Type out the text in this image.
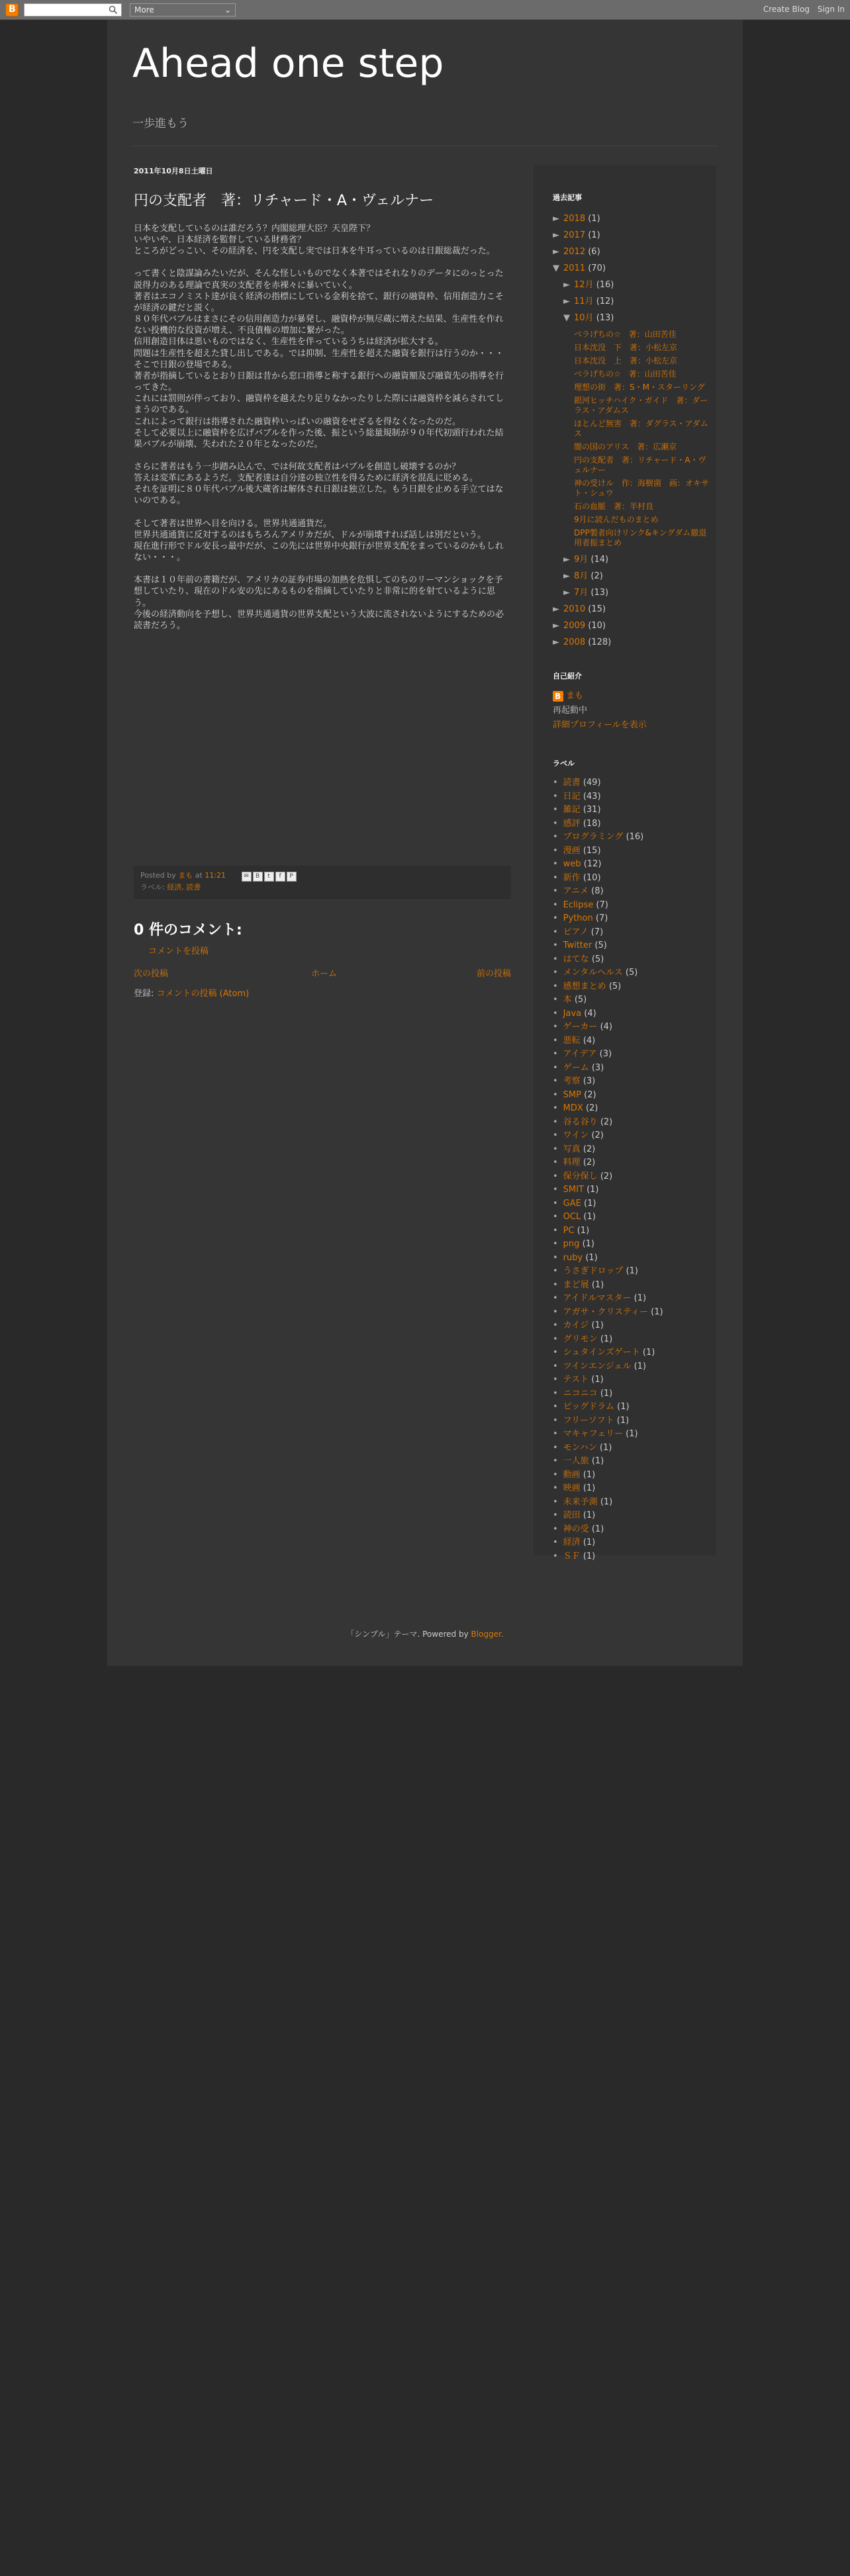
B
More	⌄	Create Blog Sign In
Ahead one step
一歩進もう
2011年10月8日土曜日
円の支配者　著：リチャード・A・ヴェルナー

日本を支配しているのは誰だろう？内閣総理大臣？天皇陛下？

いやいや、日本経済を監督している財務省？

ところがどっこい、その経済を、円を支配し実では日本を牛耳っているのは日銀総裁だった。

って書くと陰謀論みたいだが、そんな怪しいものでなく本著ではそれなりのデータにのっとった説得力のある理論で真実の支配者を赤裸々に暴いていく。

著者はエコノミスト達が良く経済の指標にしている金利を捨て、銀行の融資枠、信用創造力こそが経済の鍵だと説く。

８０年代バブルはまさにその信用創造力が暴発し、融資枠が無尽蔵に増えた結果、生産性を作れない投機的な投資が増え、不良債権の増加に繋がった。

信用創造目体は悪いものではなく、生産性を伴っているうちは経済が拡大する。

問題は生産性を超えた貸し出しである。では抑制、生産性を超えた融資を銀行は行うのか・・・そこで日銀の登場である。

著者が指摘しているとおり日銀は昔から窓口指導と称する銀行への融資額及び融資先の指導を行ってきた。

これには罰則が伴っており、融資枠を越えたり足りなかったりした際には融資枠を減らされてしまうのである。

これによって銀行は指導された融資枠いっぱいの融資をせざるを得なくなったのだ。

そして必要以上に融資枠を広げバブルを作った後、振という総量規制が９０年代初頭行われた結果バブルが崩壊、失われた２０年となったのだ。

さらに著者はもう一歩踏み込んで、では何故支配者はバブルを創造し破壊するのか？

答えは変革にあるようだ。支配者達は自分達の独立性を得るために経済を混乱に貶める。

それを証明に８０年代バブル後大蔵省は解体され日銀は独立した。もう日銀を止める手立てはないのである。

そして著者は世界へ目を向ける。世界共通通貨だ。

世界共通通貨に反対するのはもちろんアメリカだが、ドルが崩壊すれば話しは別だという。

現在進行形でドル安長っ最中だが、この先には世界中央銀行が世界支配をまっているのかもしれない・・・。

本書は１０年前の書籍だが、アメリカの証券市場の加熱を危惧してのちのリーマンショックを予想していたり、現在のドル安の先にあるものを指摘していたりと非常に的を射ているように思う。

今後の経済動向を予想し、世界共通通貨の世界支配という大波に流されないようにするための必読書だろう。

Posted by まも at 11:21	✉ B t f P
ラベル: 経済, 読書
0 件のコメント:
コメントを投稿
次の投稿	ホーム	前の投稿
登録: コメントの投稿 (Atom)
過去記事
► 2018 (1)
► 2017 (1)
► 2012 (6)
▼ 2011 (70)
► 12月 (16)
► 11月 (12)
▼ 10月 (13)
ベラげちの☆　著：山田苦佳
日本沈没　下　著：小松左京
日本沈没　上　著：小松左京
ベラげちの☆　著：山田苦佳
理想の街　著：S・M・スターリング
銀河ヒッチハイク・ガイド　著：ダーラス・アダムス
ほとんど無害　著：ダグラス・アダムス
闇の国のアリス　著：広瀬京
円の支配者　著：リチャード・A・ヴェルナー
神の受けル　作：海樹菌　画：オキサト・シュウ
石の血脈　著：半村良
9月に読んだものまとめ
DPP製者向けリンク&キングダム撤退用者振まとめ
► 9月 (14)
► 8月 (2)
► 7月 (13)
► 2010 (15)
► 2009 (10)
► 2008 (128)
自己紹介
Bまも
再起動中
詳細プロフィールを表示
ラベル
• 読書 (49)
• 日記 (43)
• 雑記 (31)
• 感評 (18)
• プログラミング (16)
• 漫画 (15)
• web (12)
• 新作 (10)
• アニメ (8)
• Eclipse (7)
• Python (7)
• ピアノ (7)
• Twitter (5)
• はてな (5)
• メンタルヘルス (5)
• 感想まとめ (5)
• 本 (5)
• Java (4)
• ゲーカー (4)
• 悪転 (4)
• アイデア (3)
• ゲーム (3)
• 考察 (3)
• SMP (2)
• MDX (2)
• 谷る谷り (2)
• ワイン (2)
• 写真 (2)
• 料理 (2)
• 保分保し (2)
• SMIT (1)
• GAE (1)
• OCL (1)
• PC (1)
• png (1)
• ruby (1)
• うさぎドロップ (1)
• まど展 (1)
• アイドルマスター (1)
• アガサ・クリスティー (1)
• カイジ (1)
• グリモン (1)
• シュタインズゲート (1)
• ツインエンジェル (1)
• テスト (1)
• ニコニコ (1)
• ビッグドラム (1)
• フリーソフト (1)
• マキャフェリー (1)
• モンハン (1)
• 一人旅 (1)
• 動画 (1)
• 映画 (1)
• 未来予測 (1)
• 読田 (1)
• 神の受 (1)
• 経済 (1)
• ＳＦ (1)
「シンプル」テーマ. Powered by Blogger.
